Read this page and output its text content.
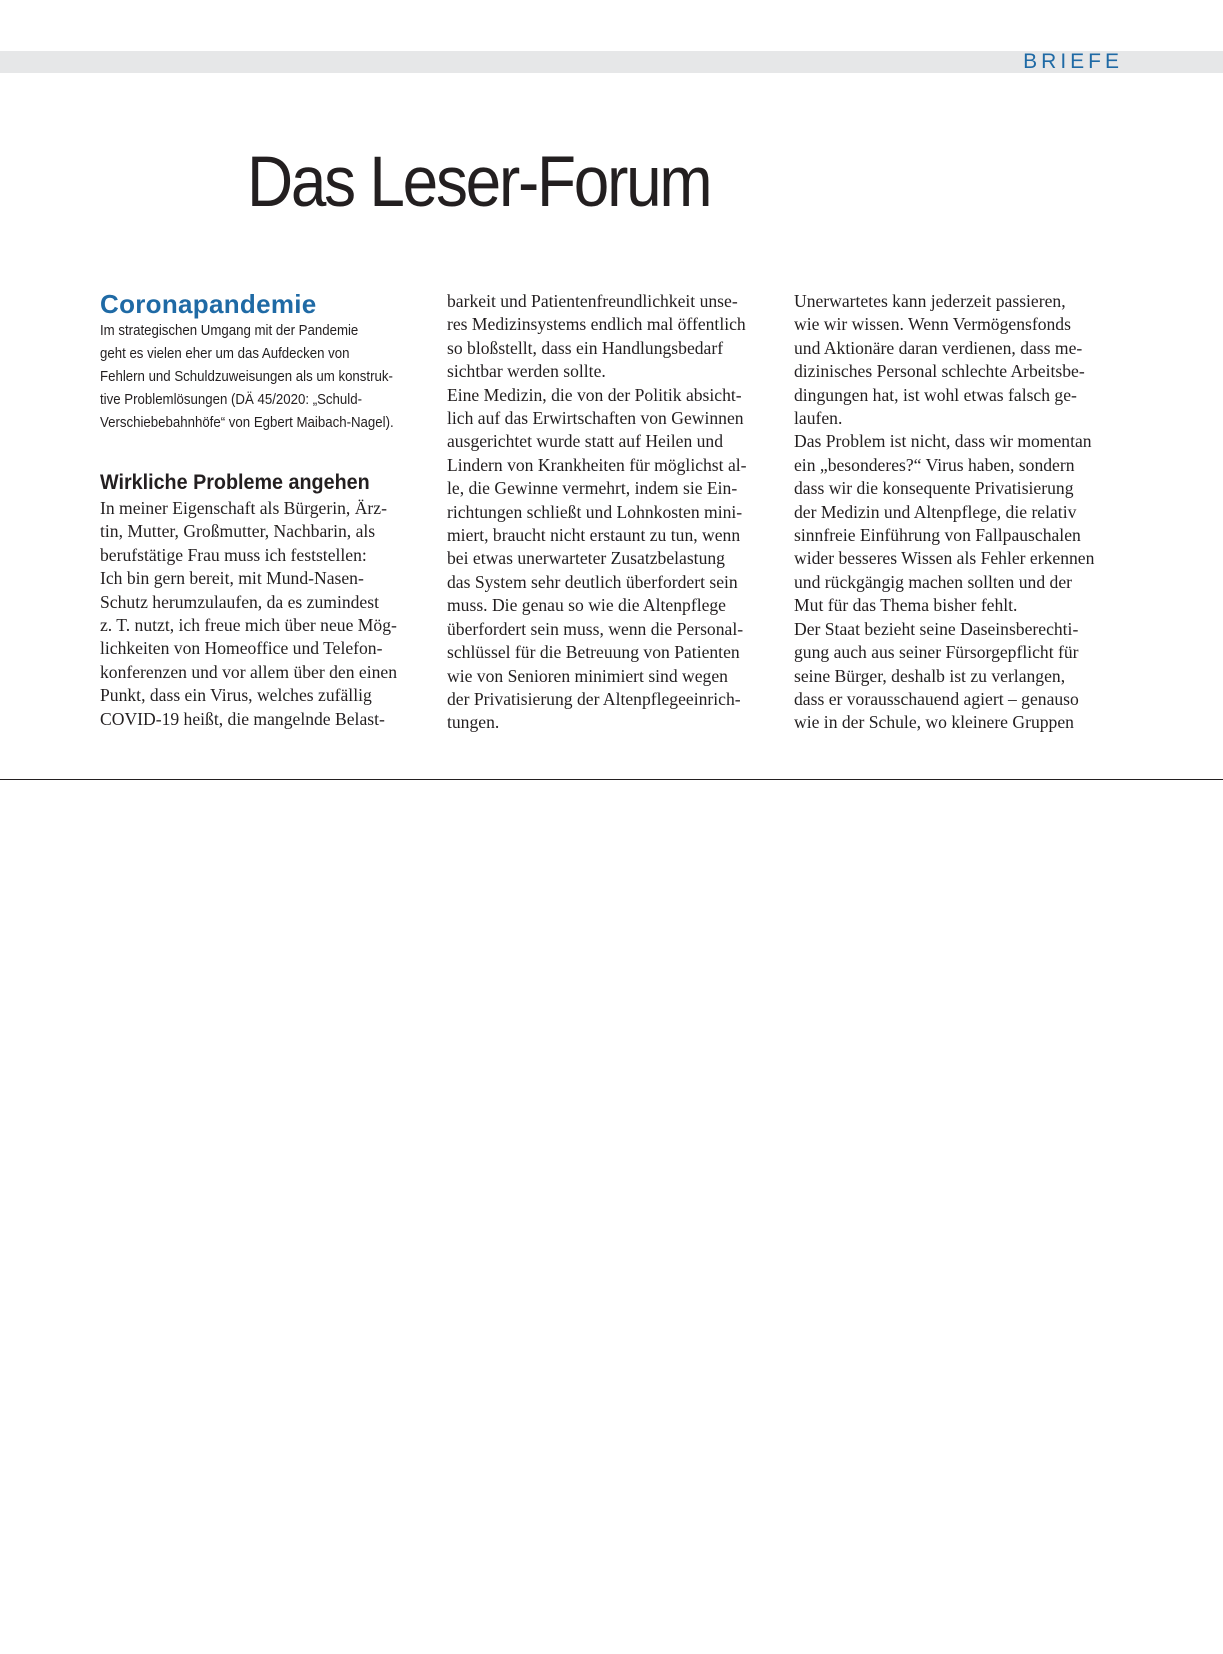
BRIEFE

Das Leser-Forum
Coronapandemie

Im strategischen Umgang mit der Pandemie
geht es vielen eher um das Aufdecken von
Fehlern und Schuldzuweisungen als um konstruk-
tive Problemlösungen (DÄ 45/2020: „Schuld-
Verschiebebahnhöfe“ von Egbert Maibach-Nagel).

Wirkliche Probleme angehen

In meiner Eigenschaft als Bürgerin, Ärz-
tin, Mutter, Großmutter, Nachbarin, als
berufstätige Frau muss ich feststellen:
Ich bin gern bereit, mit Mund-Nasen-
Schutz herumzulaufen, da es zumindest
z. T. nutzt, ich freue mich über neue Mög-
lichkeiten von Homeoffice und Telefon-
konferenzen und vor allem über den einen
Punkt, dass ein Virus, welches zufällig
COVID-19 heißt, die mangelnde Belast-

barkeit und Patientenfreundlichkeit unse-
res Medizinsystems endlich mal öffentlich
so bloßstellt, dass ein Handlungsbedarf
sichtbar werden sollte.
Eine Medizin, die von der Politik absicht-
lich auf das Erwirtschaften von Gewinnen
ausgerichtet wurde statt auf Heilen und
Lindern von Krankheiten für möglichst al-
le, die Gewinne vermehrt, indem sie Ein-
richtungen schließt und Lohnkosten mini-
miert, braucht nicht erstaunt zu tun, wenn
bei etwas unerwarteter Zusatzbelastung
das System sehr deutlich überfordert sein
muss. Die genau so wie die Altenpflege
überfordert sein muss, wenn die Personal-
schlüssel für die Betreuung von Patienten
wie von Senioren minimiert sind wegen
der Privatisierung der Altenpflegeeinrich-
tungen.

Unerwartetes kann jederzeit passieren,
wie wir wissen. Wenn Vermögensfonds
und Aktionäre daran verdienen, dass me-
dizinisches Personal schlechte Arbeitsbe-
dingungen hat, ist wohl etwas falsch ge-
laufen.
Das Problem ist nicht, dass wir momentan
ein „besonderes?“ Virus haben, sondern
dass wir die konsequente Privatisierung
der Medizin und Altenpflege, die relativ
sinnfreie Einführung von Fallpauschalen
wider besseres Wissen als Fehler erkennen
und rückgängig machen sollten und der
Mut für das Thema bisher fehlt.
Der Staat bezieht seine Daseinsberechti-
gung auch aus seiner Fürsorgepflicht für
seine Bürger, deshalb ist zu verlangen,
dass er vorausschauend agiert – genauso
wie in der Schule, wo kleinere Gruppen
